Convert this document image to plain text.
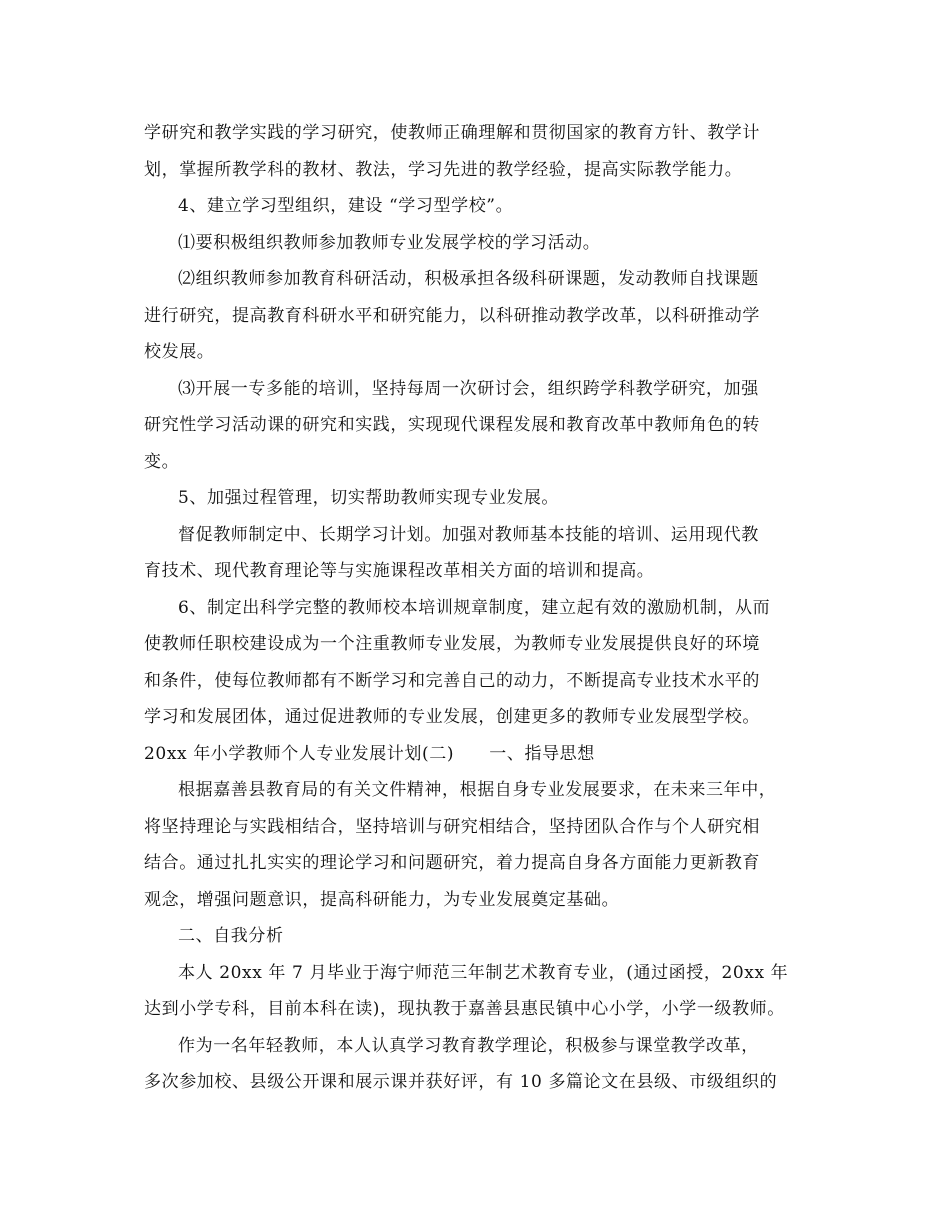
学研究和教学实践的学习研究，使教师正确理解和贯彻国家的教育方针、教学计
划，掌握所教学科的教材、教法，学习先进的教学经验，提高实际教学能力。
4、建立学习型组织，建设 “学习型学校”。
⑴要积极组织教师参加教师专业发展学校的学习活动。
⑵组织教师参加教育科研活动，积极承担各级科研课题，发动教师自找课题
进行研究，提高教育科研水平和研究能力，以科研推动教学改革，以科研推动学
校发展。
⑶开展一专多能的培训，坚持每周一次研讨会，组织跨学科教学研究，加强
研究性学习活动课的研究和实践，实现现代课程发展和教育改革中教师角色的转
变。
5、加强过程管理，切实帮助教师实现专业发展。
督促教师制定中、长期学习计划。加强对教师基本技能的培训、运用现代教
育技术、现代教育理论等与实施课程改革相关方面的培训和提高。
6、制定出科学完整的教师校本培训规章制度，建立起有效的激励机制，从而
使教师任职校建设成为一个注重教师专业发展，为教师专业发展提供良好的环境
和条件，使每位教师都有不断学习和完善自己的动力，不断提高专业技术水平的
学习和发展团体，通过促进教师的专业发展，创建更多的教师专业发展型学校。
20xx 年小学教师个人专业发展计划(二)　　一、指导思想
根据嘉善县教育局的有关文件精神，根据自身专业发展要求，在未来三年中，
将坚持理论与实践相结合，坚持培训与研究相结合，坚持团队合作与个人研究相
结合。通过扎扎实实的理论学习和问题研究，着力提高自身各方面能力更新教育
观念，增强问题意识，提高科研能力，为专业发展奠定基础。
二、自我分析
本人 20xx 年 7 月毕业于海宁师范三年制艺术教育专业，(通过函授，20xx 年
达到小学专科，目前本科在读)，现执教于嘉善县惠民镇中心小学，小学一级教师。
作为一名年轻教师，本人认真学习教育教学理论，积极参与课堂教学改革，
多次参加校、县级公开课和展示课并获好评，有 10 多篇论文在县级、市级组织的
